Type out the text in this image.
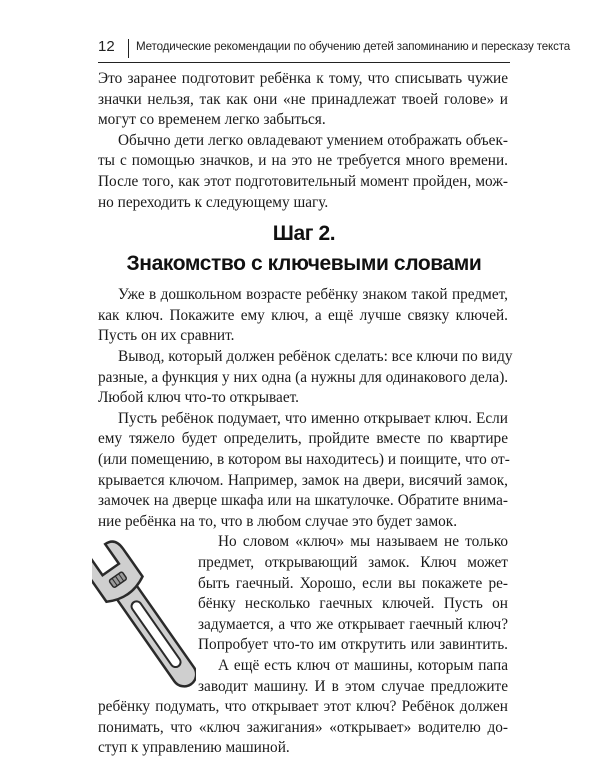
12 Методические рекомендации по обучению детей запоминанию и пересказу текста
Это заранее подготовит ребёнка к тому, что списывать чужие
значки нельзя, так как они «не принадлежат твоей голове» и
могут со временем легко забыться.
Обычно дети легко овладевают умением отображать объек-
ты с помощью значков, и на это не требуется много времени.
После того, как этот подготовительный момент пройден, мож-
но переходить к следующему шагу.
Шаг 2.
Знакомство с ключевыми словами
Уже в дошкольном возрасте ребёнку знаком такой предмет,
как ключ. Покажите ему ключ, а ещё лучше связку ключей.
Пусть он их сравнит.
Вывод, который должен ребёнок сделать: все ключи по виду
разные, а функция у них одна (а нужны для одинакового дела).
Любой ключ что-то открывает.
Пусть ребёнок подумает, что именно открывает ключ. Если
ему тяжело будет определить, пройдите вместе по квартире
(или помещению, в котором вы находитесь) и поищите, что от-
крывается ключом. Например, замок на двери, висячий замок,
замочек на дверце шкафа или на шкатулочке. Обратите внима-
ние ребёнка на то, что в любом случае это будет замок.
Но словом «ключ» мы называем не только
предмет, открывающий замок. Ключ может
быть гаечный. Хорошо, если вы покажете ре-
бёнку несколько гаечных ключей. Пусть он
задумается, а что же открывает гаечный ключ?
Попробует что-то им открутить или завинтить.
А ещё есть ключ от машины, которым папа
заводит машину. И в этом случае предложите
ребёнку подумать, что открывает этот ключ? Ребёнок должен
понимать, что «ключ зажигания» «открывает» водителю до-
ступ к управлению машиной.
